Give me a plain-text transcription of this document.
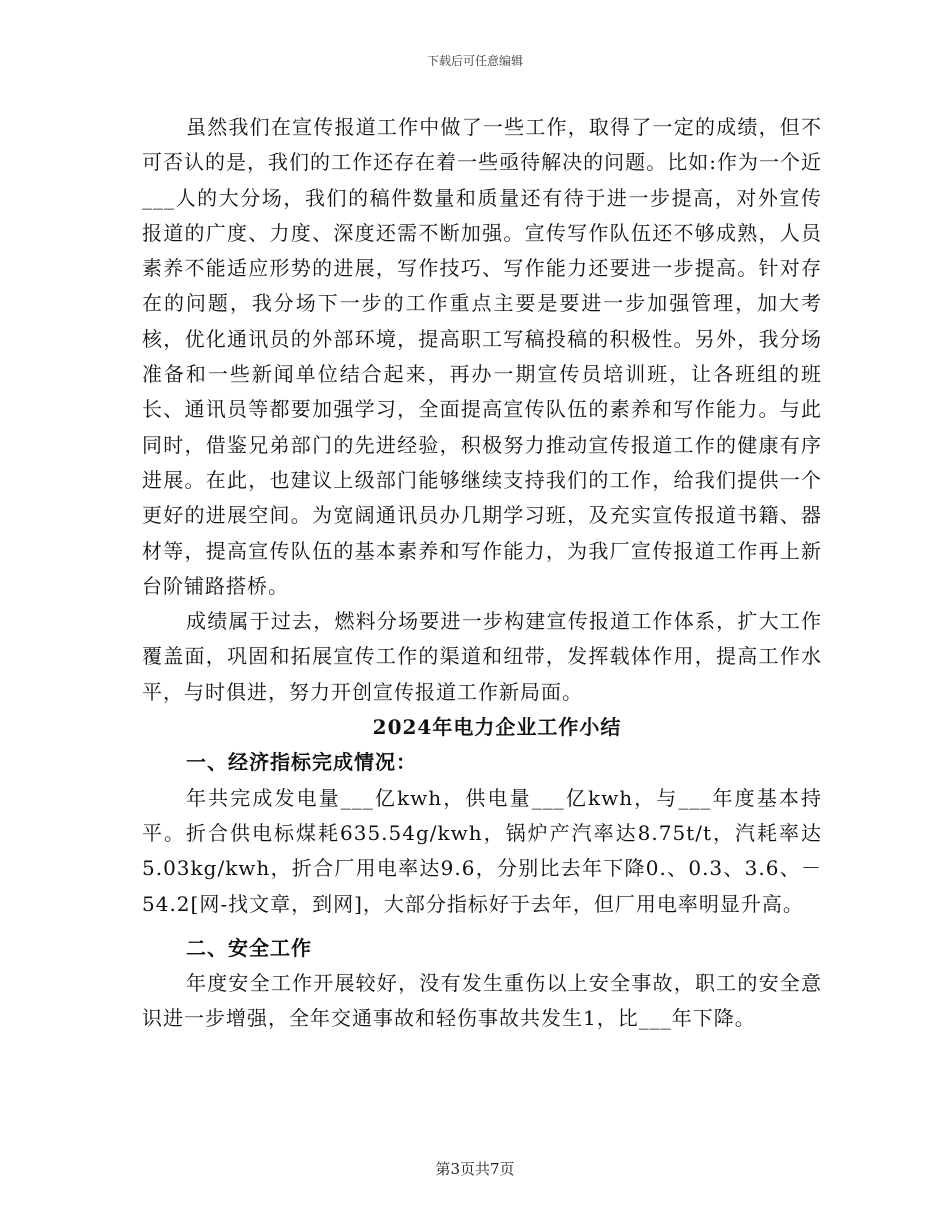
下载后可任意编辑

虽然我们在宣传报道工作中做了一些工作，取得了一定的成绩，但不可否认的是，我们的工作还存在着一些亟待解决的问题。比如:作为一个近___人的大分场，我们的稿件数量和质量还有待于进一步提高，对外宣传报道的广度、力度、深度还需不断加强。宣传写作队伍还不够成熟，人员素养不能适应形势的进展，写作技巧、写作能力还要进一步提高。针对存在的问题，我分场下一步的工作重点主要是要进一步加强管理，加大考核，优化通讯员的外部环境，提高职工写稿投稿的积极性。另外，我分场准备和一些新闻单位结合起来，再办一期宣传员培训班，让各班组的班长、通讯员等都要加强学习，全面提高宣传队伍的素养和写作能力。与此同时，借鉴兄弟部门的先进经验，积极努力推动宣传报道工作的健康有序进展。在此，也建议上级部门能够继续支持我们的工作，给我们提供一个更好的进展空间。为宽阔通讯员办几期学习班，及充实宣传报道书籍、器材等，提高宣传队伍的基本素养和写作能力，为我厂宣传报道工作再上新台阶铺路搭桥。

成绩属于过去，燃料分场要进一步构建宣传报道工作体系，扩大工作覆盖面，巩固和拓展宣传工作的渠道和纽带，发挥载体作用，提高工作水平，与时俱进，努力开创宣传报道工作新局面。

2024年电力企业工作小结

一、经济指标完成情况：

年共完成发电量___亿kwh，供电量___亿kwh，与___年度基本持平。折合供电标煤耗635.54g/kwh，锅炉产汽率达8.75t/t，汽耗率达5.03kg/kwh，折合厂用电率达9.6，分别比去年下降0.、0.3、3.6、－54.2[网-找文章，到网]，大部分指标好于去年，但厂用电率明显升高。

二、安全工作

年度安全工作开展较好，没有发生重伤以上安全事故，职工的安全意识进一步增强，全年交通事故和轻伤事故共发生1，比___年下降。

第3页共7页
